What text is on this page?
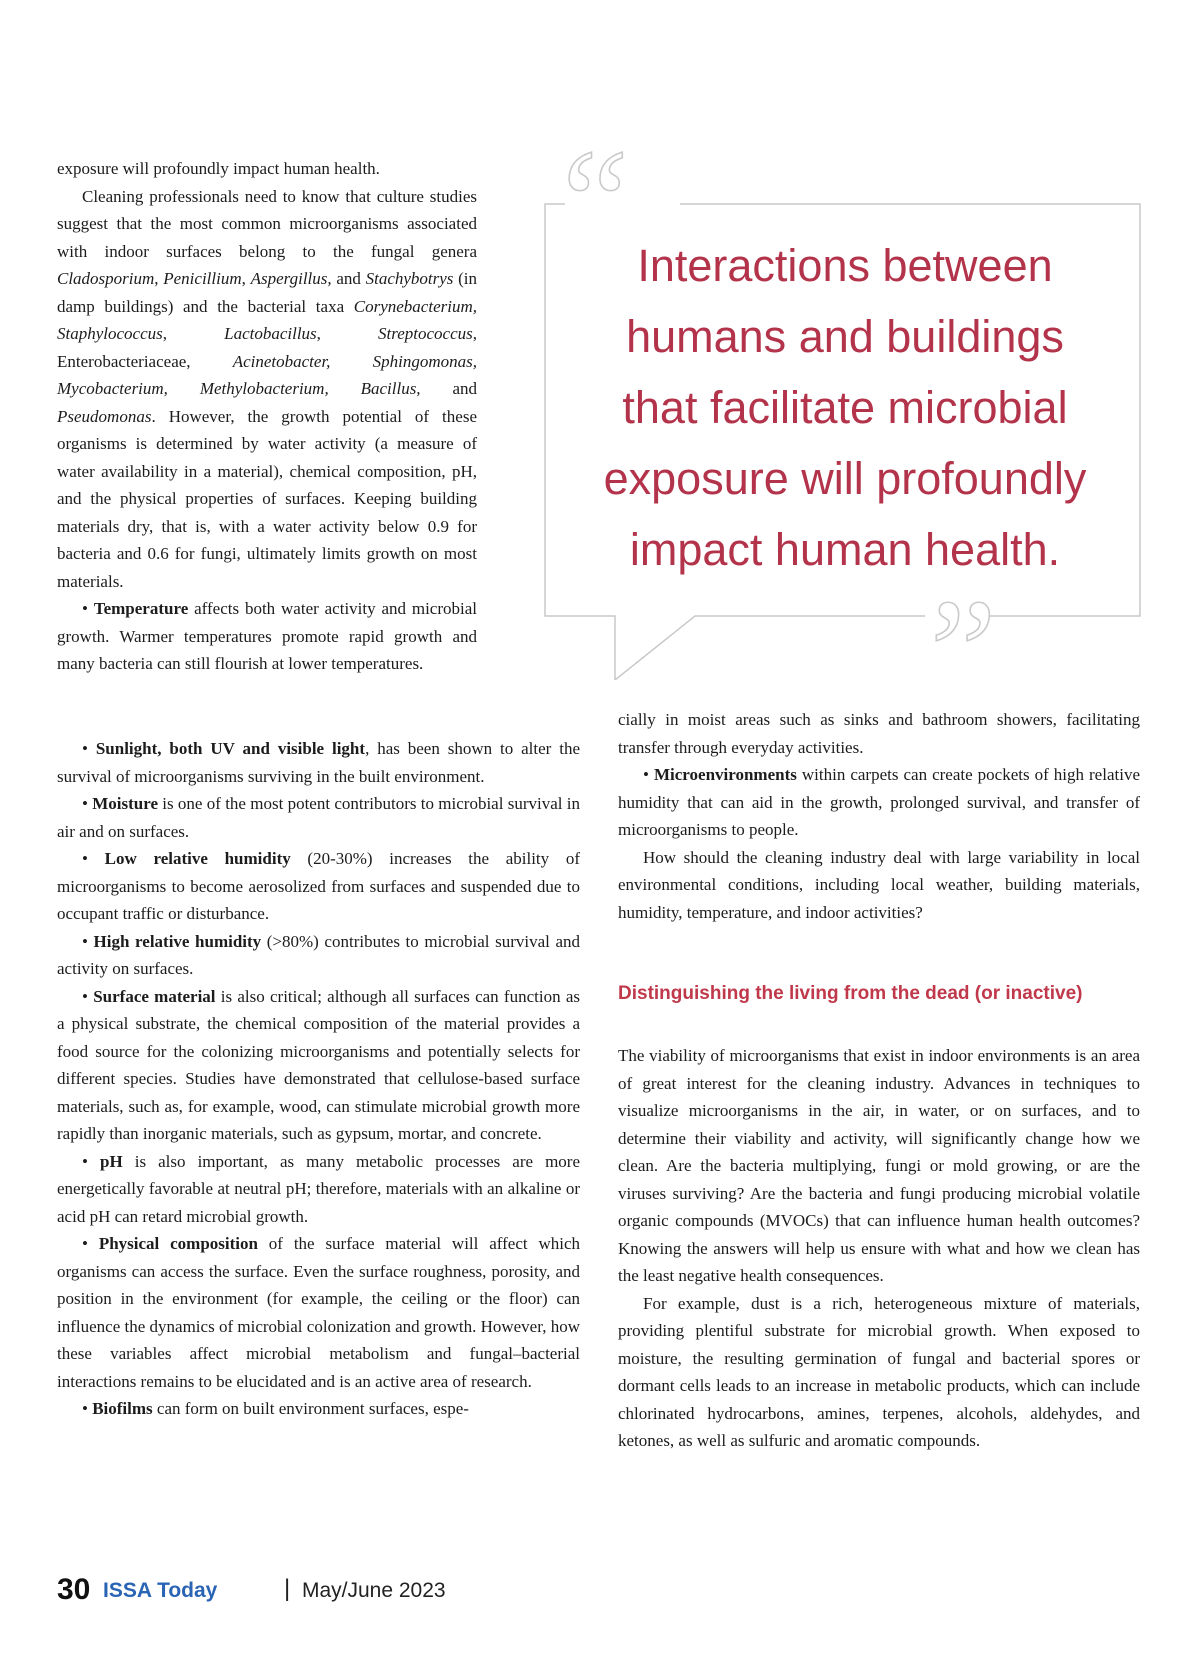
exposure will profoundly impact human health.

Cleaning professionals need to know that culture studies suggest that the most common microorganisms associated with indoor surfaces belong to the fungal genera Cladosporium, Penicillium, Aspergillus, and Stachybotrys (in damp buildings) and the bacterial taxa Corynebacterium, Staphylococcus, Lactobacillus, Streptococcus, Enterobacteriaceae, Acinetobacter, Sphingomonas, Mycobacterium, Methylobacterium, Bacillus, and Pseudomonas. However, the growth potential of these organisms is determined by water activity (a measure of water availability in a material), chemical composition, pH, and the physical properties of surfaces. Keeping building materials dry, that is, with a water activity below 0.9 for bacteria and 0.6 for fungi, ultimately limits growth on most materials.

• Temperature affects both water activity and microbial growth. Warmer temperatures promote rapid growth and many bacteria can still flourish at lower temperatures.

“
”
Interactions between
humans and buildings
that facilitate microbial
exposure will profoundly
impact human health.

• Sunlight, both UV and visible light, has been shown to alter the survival of microorganisms surviving in the built environment.

• Moisture is one of the most potent contributors to microbial survival in air and on surfaces.

• Low relative humidity (20-30%) increases the ability of microorganisms to become aerosolized from surfaces and suspended due to occupant traffic or disturbance.

• High relative humidity (>80%) contributes to microbial survival and activity on surfaces.

• Surface material is also critical; although all surfaces can function as a physical substrate, the chemical composition of the material provides a food source for the colonizing microorganisms and potentially selects for different species. Studies have demonstrated that cellulose-based surface materials, such as, for example, wood, can stimulate microbial growth more rapidly than inorganic materials, such as gypsum, mortar, and concrete.

• pH is also important, as many metabolic processes are more energetically favorable at neutral pH; therefore, materials with an alkaline or acid pH can retard microbial growth.

• Physical composition of the surface material will affect which organisms can access the surface. Even the surface roughness, porosity, and position in the environment (for example, the ceiling or the floor) can influence the dynamics of microbial colonization and growth. However, how these variables affect microbial metabolism and fungal–bacterial interactions remains to be elucidated and is an active area of research.

• Biofilms can form on built environment surfaces, espe-

cially in moist areas such as sinks and bathroom showers, facilitating transfer through everyday activities.

• Microenvironments within carpets can create pockets of high relative humidity that can aid in the growth, prolonged survival, and transfer of microorganisms to people.

How should the cleaning industry deal with large variability in local environmental conditions, including local weather, building materials, humidity, temperature, and indoor activities?

Distinguishing the living from the dead (or inactive)

The viability of microorganisms that exist in indoor environments is an area of great interest for the cleaning industry. Advances in techniques to visualize microorganisms in the air, in water, or on surfaces, and to determine their viability and activity, will significantly change how we clean. Are the bacteria multiplying, fungi or mold growing, or are the viruses surviving? Are the bacteria and fungi producing microbial volatile organic compounds (MVOCs) that can influence human health outcomes? Knowing the answers will help us ensure with what and how we clean has the least negative health consequences.

For example, dust is a rich, heterogeneous mixture of materials, providing plentiful substrate for microbial growth. When exposed to moisture, the resulting germination of fungal and bacterial spores or dormant cells leads to an increase in metabolic products, which can include chlorinated hydrocarbons, amines, terpenes, alcohols, aldehydes, and ketones, as well as sulfuric and aromatic compounds.

30 ISSA Today	| May/June 2023
